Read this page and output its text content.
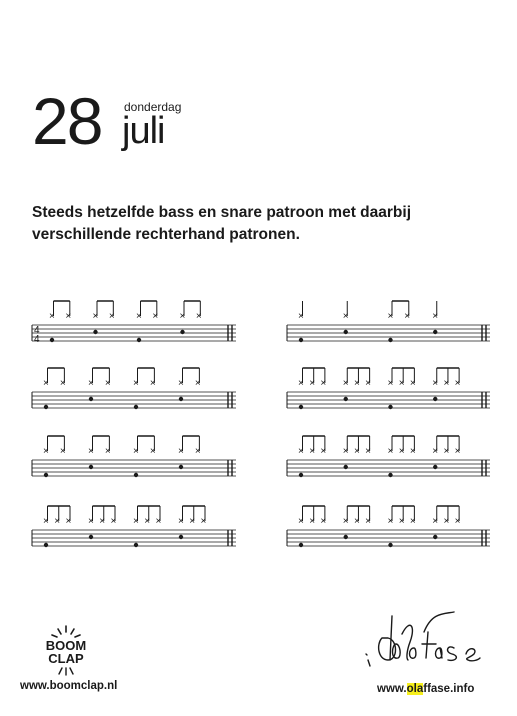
28 donderdag
juli
Steeds hetzelfde bass en snare patroon met daarbij verschillende rechterhand patronen.
4
4
× × × × × × × ×	×	×	× × ×
× × × × × × × ×	× × × × × × × × × × × ×
× × × × × × × ×	× × × × × × × × × × × ×
× × × × × × × × × × × ×	× × × × × × × × × × × ×
BOOM
CLAP
www.boomclap.nl	www.olaffase.info
